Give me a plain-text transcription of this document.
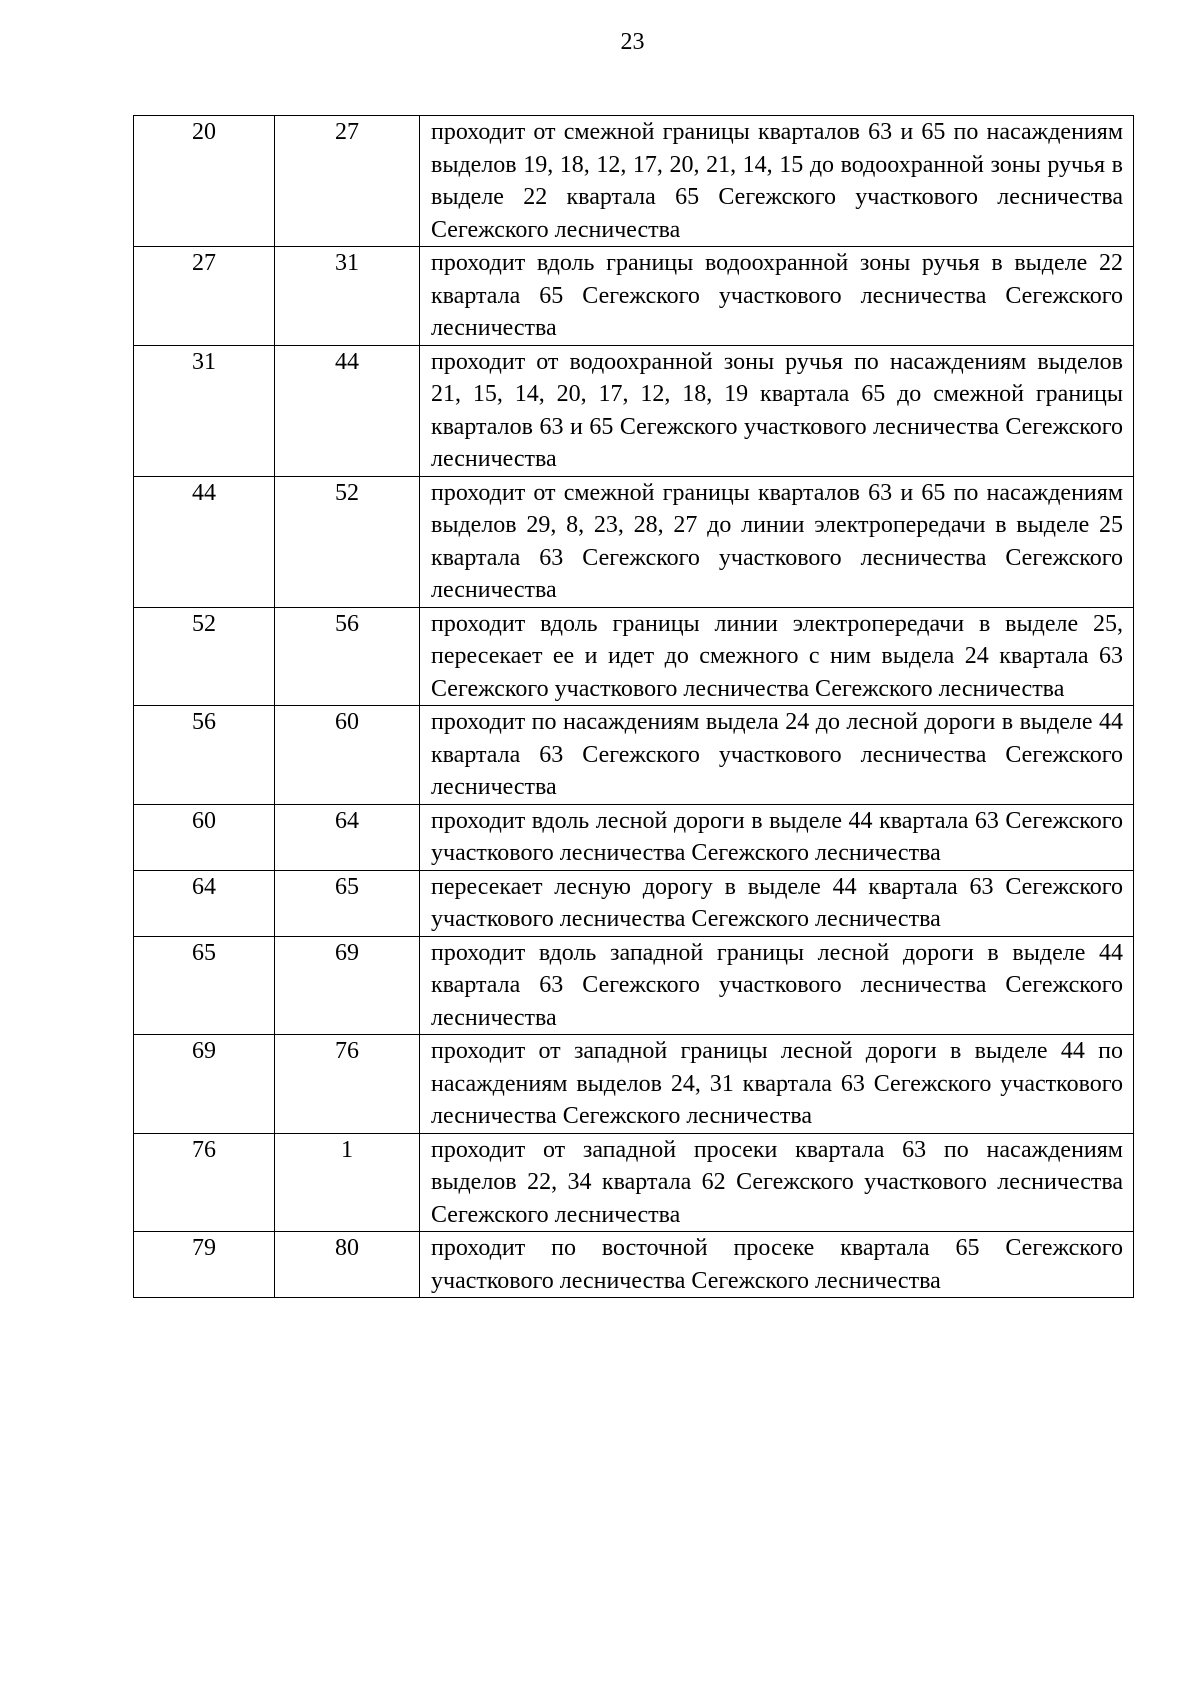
23
20	27	проходит от смежной границы кварталов 63 и 65 по насаждениям выделов 19, 18, 12, 17, 20, 21, 14, 15 до водоохранной зоны ручья в выделе 22 квартала 65 Сегежского участкового лесничества Сегежского лесничества
27	31	проходит вдоль границы водоохранной зоны ручья в выделе 22 квартала 65 Сегежского участкового лесничества Сегежского лесничества
31	44	проходит от водоохранной зоны ручья по насаждениям выделов 21, 15, 14, 20, 17, 12, 18, 19 квартала 65 до смежной границы кварталов 63 и 65 Сегежского участкового лесничества Сегежского лесничества
44	52	проходит от смежной границы кварталов 63 и 65 по насаждениям выделов 29, 8, 23, 28, 27 до линии электропередачи в выделе 25 квартала 63 Сегежского участкового лесничества Сегежского лесничества
52	56	проходит вдоль границы линии электропередачи в выделе 25, пересекает ее и идет до смежного с ним выдела 24 квартала 63 Сегежского участкового лесничества Сегежского лесничества
56	60	проходит по насаждениям выдела 24 до лесной дороги в выделе 44 квартала 63 Сегежского участкового лесничества Сегежского лесничества
60	64	проходит вдоль лесной дороги в выделе 44 квартала 63 Сегежского участкового лесничества Сегежского лесничества
64	65	пересекает лесную дорогу в выделе 44 квартала 63 Сегежского участкового лесничества Сегежского лесничества
65	69	проходит вдоль западной границы лесной дороги в выделе 44 квартала 63 Сегежского участкового лесничества Сегежского лесничества
69	76	проходит от западной границы лесной дороги в выделе 44 по насаждениям выделов 24, 31 квартала 63 Сегежского участкового лесничества Сегежского лесничества
76	1	проходит от западной просеки квартала 63 по насаждениям выделов 22, 34 квартала 62 Сегежского участкового лесничества Сегежского лесничества
79	80	проходит по восточной просеке квартала 65 Сегежского участкового лесничества Сегежского лесничества
